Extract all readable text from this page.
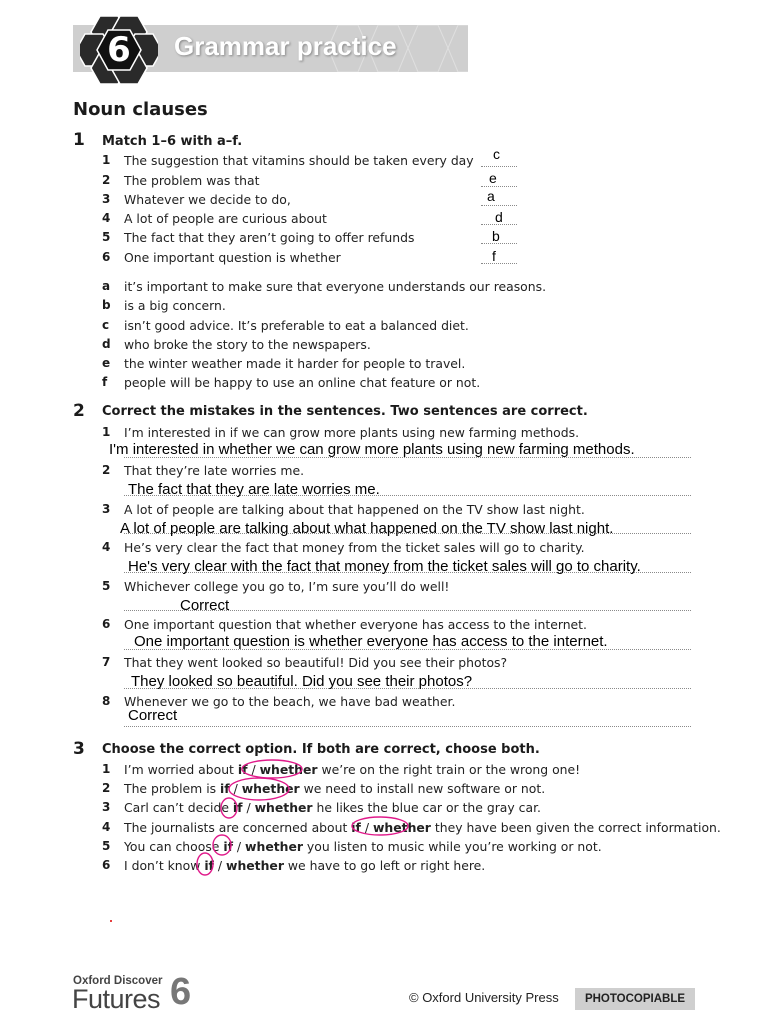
6	Grammar practice
Noun clauses
1 Match 1–6 with a–f.
1 The suggestion that vitamins should be taken every day c
2 The problem was that	e
3 Whatever we decide to do,	a
4 A lot of people are curious about	d
5 The fact that they aren’t going to offer refunds	b
6 One important question is whether	f
a it’s important to make sure that everyone understands our reasons.
b is a big concern.
c isn’t good advice. It’s preferable to eat a balanced diet.
d who broke the story to the newspapers.
e the winter weather made it harder for people to travel.
f people will be happy to use an online chat feature or not.
2 Correct the mistakes in the sentences. Two sentences are correct.
1 I’m interested in if we can grow more plants using new farming methods.
I'm interested in whether we can grow more plants using new farming methods.
2 That they’re late worries me.
The fact that they are late worries me.
3 A lot of people are talking about that happened on the TV show last night.
A lot of people are talking about what happened on the TV show last night.
4 He’s very clear the fact that money from the ticket sales will go to charity.
He's very clear with the fact that money from the ticket sales will go to charity.
5 Whichever college you go to, I’m sure you’ll do well!
Correct
6 One important question that whether everyone has access to the internet.
One important question is whether everyone has access to the internet.
7 That they went looked so beautiful! Did you see their photos?
They looked so beautiful. Did you see their photos?
8 Whenever we go to the beach, we have bad weather.
Correct
3 Choose the correct option. If both are correct, choose both.
1 I’m worried about if / whether we’re on the right train or the wrong one!
2 The problem is if / whether we need to install new software or not.
3 Carl can’t decide if / whether he likes the blue car or the gray car.
4 The journalists are concerned about if / whether they have been given the correct information.
5 You can choose if / whether you listen to music while you’re working or not.
6 I don’t know if / whether we have to go left or right here.
Oxford Discover
Futures 6	© Oxford University Press	PHOTOCOPIABLE
